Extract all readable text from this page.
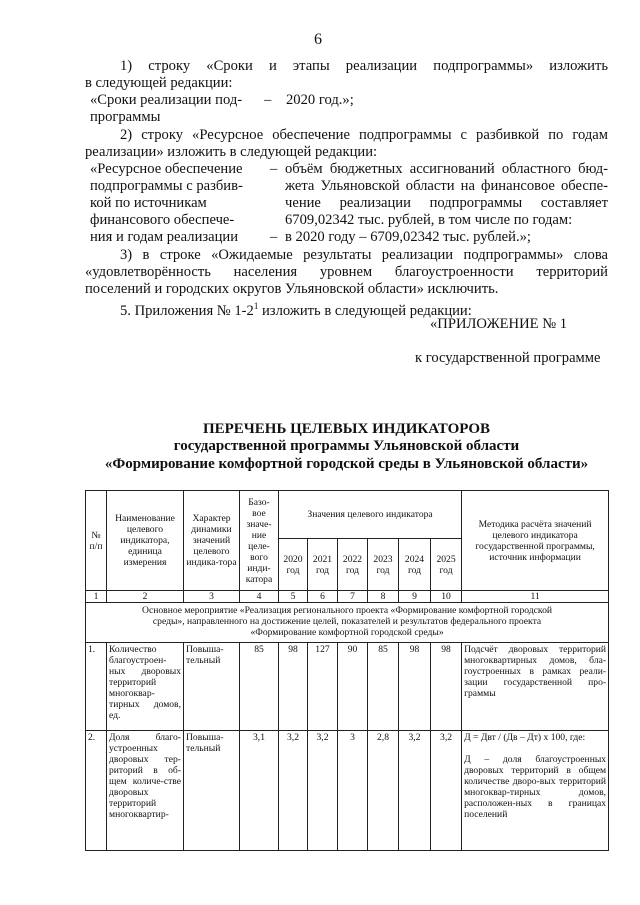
6
1) строку «Сроки и этапы реализации подпрограммы» изложить
в следующей редакции:
«Сроки реализации под-
программы
– 2020 год.»;
2) строку «Ресурсное обеспечение подпрограммы с разбивкой по годам
реализации» изложить в следующей редакции:
«Ресурсное обеспечение
подпрограммы с разбив-
кой по источникам
финансового обеспече-
ния и годам реализации
– объём бюджетных ассигнований областного бюд-
жета Ульяновской области на финансовое обеспе-
чение реализации подпрограммы составляет
6709,02342 тыс. рублей, в том числе по годам:
– в 2020 году – 6709,02342 тыс. рублей.»;
3) в строке «Ожидаемые результаты реализации подпрограммы» слова
«удовлетворённость населения уровнем благоустроенности территорий
поселений и городских округов Ульяновской области» исключить.
5. Приложения № $1-2^1$ изложить в следующей редакции:
«ПРИЛОЖЕНИЕ № 1
к государственной программе
ПЕРЕЧЕНЬ ЦЕЛЕВЫХ ИНДИКАТОРОВ
государственной программы Ульяновской области
«Формирование комфортной городской среды в Ульяновской области»
№ п/п	Наименование целевого индикатора, единица измерения	Характер динамики значений целевого индика-тора	Базо-вое значе-ние целе-вого инди-катора	Значения целевого индикатора						Методика расчёта значений целевого индикатора государственной программы, источник информации
				2020 год	2021 год	2022 год	2023 год	2024 год	2025 год	
1	2	3	4	5	6	7	8	9	10	11
Основное мероприятие «Реализация регионального проекта «Формирование комфортной городской среды», направленного на достижение целей, показателей и результатов федерального проекта «Формирование комфортной городской среды»										
1.	Количество благоустроен-ных дворовых территорий многоквар-тирных домов, ед.	Повыша-тельный	85	98	127	90	85	98	98	Подсчёт дворовых территорий многоквартирных домов, бла-гоустроенных в рамках реали-зации государственной про-граммы
2.	Доля благо-устроенных дворовых тер-риторий в об-щем количе-стве дворовых территорий многоквартир-	Повыша-тельный	3,1	3,2	3,2	3	2,8	3,2	3,2	Д = Двт / (Дв – Дт) х 100, где:
Д – доля благоустроенных дворовых территорий в общем количестве дворо-вых территорий многоквар-тирных домов, расположен-ных в границах поселений
